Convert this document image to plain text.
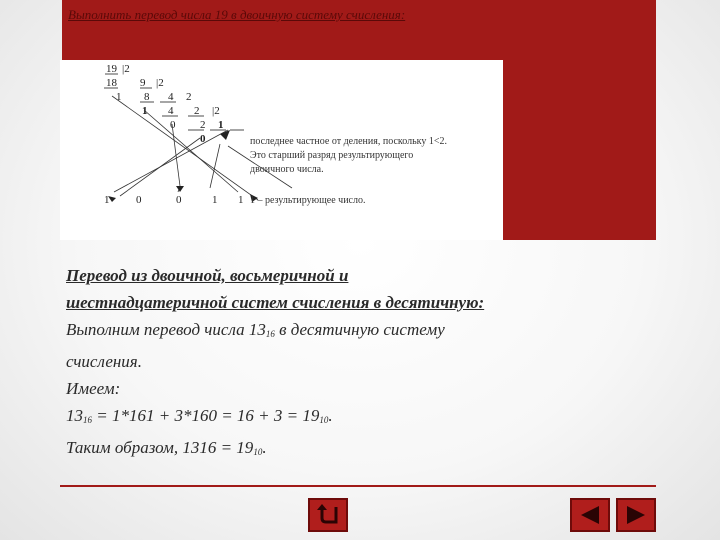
Выполнить перевод числа 19 в двоичную систему счисления:
19 |2
18 9 |2
1 8 4 2
1 4 2 |2
0 2 1
0	последнее частное от деления, поскольку 1<2.
Это старший разряд результирующего
двоичного числа.
1 0	0	1 1 1 – результирующее число.

Перевод из двоичной, восьмеричной и
шестнадцатеричной систем счисления в десятичную:

Выполним перевод числа $13_{16}$ в десятичную систему
счисления.

Имеем:

$13_{16} = 1*161 + 3*160 = 16 + 3 = 19_{10}$.

Таким образом, $1316 = 19_{10}$.
